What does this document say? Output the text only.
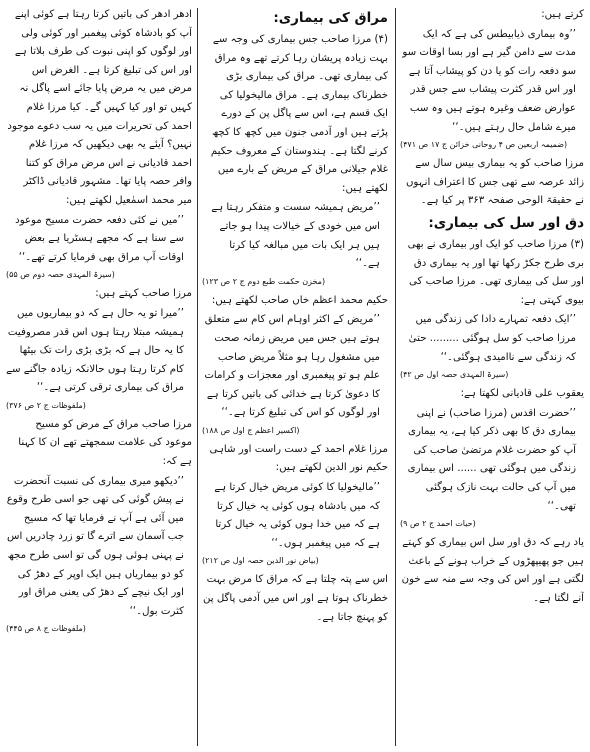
کرتے ہیں:
’’وہ بیماری ذیابیطس کی ہے کہ ایک مدت سے دامن گیر ہے اور بسا اوقات سو سو دفعہ رات کو یا دن کو پیشاب آتا ہے اور اس قدر کثرت پیشاب سے جس قدر عوارض ضعف وغیرہ ہوتے ہیں وہ سب میرے شامل حال رہتے ہیں۔‘‘
(ضمیمہ اربعین ص ۴ روحانی خزائن ج ۱۷ ص ۴۷۱)
مرزا صاحب کو یہ بیماری بیس سال سے زائد عرصہ سے تھی جس کا اعتراف انہوں نے حقیقۃ الوحی صفحہ ۳۶۳ پر کیا ہے۔
دق اور سل کی بیماری:
(۳) مرزا صاحب کو ایک اور بیماری نے بھی بری طرح جکڑ رکھا تھا اور یہ بیماری دق اور سل کی بیماری تھی۔ مرزا صاحب کی بیوی کہتی ہے:
’’ایک دفعہ تمہارے دادا کی زندگی میں مرزا صاحب کو سل ہوگئی ......... حتیٰ کہ زندگی سے ناامیدی ہوگئی۔‘‘
(سیرۃ المہدی حصہ اول ص ۴۲)
یعقوب علی قادیانی لکھتا ہے:
’’حضرت اقدس (مرزا صاحب) نے اپنی بیماری دق کا بھی ذکر کیا ہے، یہ بیماری آپ کو حضرت غلام مرتضیٰ صاحب کی زندگی میں ہوگئی تھی ...... اس بیماری میں آپ کی حالت بہت نازک ہوگئی تھی۔‘‘
(حیات احمد ج ۲ ص ۹)
یاد رہے کہ دق اور سل اس بیماری کو کہتے ہیں جو پھیپھڑوں کے خراب ہونے کے باعث لگتی ہے اور اس کی وجہ سے منہ سے خون آنے لگتا ہے۔
مراق کی بیماری:
(۴) مرزا صاحب جس بیماری کی وجہ سے بہت زیادہ پریشان رہا کرتے تھے وہ مراق کی بیماری تھی۔ مراق کی بیماری بڑی خطرناک بیماری ہے۔ مراق مالیخولیا کی ایک قسم ہے، اس سے پاگل پن کے دورے پڑتے ہیں اور آدمی جنون میں کچھ کا کچھ کرنے لگتا ہے۔ ہندوستان کے معروف حکیم غلام جیلانی مراق کے مریض کے بارے میں لکھتے ہیں:
’’مریض ہمیشہ سست و متفکر رہتا ہے اس میں خودی کے خیالات پیدا ہو جاتے ہیں ہر ایک بات میں مبالغہ کیا کرتا ہے۔‘‘
(مخزن حکمت طبع دوم ج ۲ ص ۱۲۳)
حکیم محمد اعظم خاں صاحب لکھتے ہیں:
’’مریض کے اکثر اوہام اس کام سے متعلق ہوتے ہیں جس میں مریض زمانہ صحت میں مشغول رہا ہو مثلاً مریض صاحب علم ہو تو پیغمبری اور معجزات و کرامات کا دعویٰ کرتا ہے خدائی کی باتیں کرتا ہے اور لوگوں کو اس کی تبلیغ کرتا ہے۔‘‘
(اکسیر اعظم ج اول ص ۱۸۸)
مرزا غلام احمد کے دست راست اور شاہی حکیم نور الدین لکھتے ہیں:
’’مالیخولیا کا کوئی مریض خیال کرتا ہے کہ میں بادشاہ ہوں کوئی یہ خیال کرتا ہے کہ میں خدا ہوں کوئی یہ خیال کرتا ہے کہ میں پیغمبر ہوں۔‘‘
(بیاض نور الدین حصہ اول ص ۲۱۲)
اس سے پتہ چلتا ہے کہ مراق کا مرض بہت خطرناک ہوتا ہے اور اس میں آدمی پاگل پن کو پہنچ جاتا ہے۔
ادھر ادھر کی باتیں کرتا رہتا ہے کوئی اپنے آپ کو بادشاہ کوئی پیغمبر اور کوئی ولی اور لوگوں کو اپنی نبوت کی طرف بلاتا ہے اور اس کی تبلیغ کرتا ہے۔ الغرض اس مرض میں یہ مرض پایا جائے اسے پاگل نہ کہیں تو اور کیا کہیں گے۔ کیا مرزا غلام احمد کی تحریرات میں یہ سب دعوے موجود نہیں؟ آیئے یہ بھی دیکھیں کہ مرزا غلام احمد قادیانی نے اس مرض مراق کو کتنا وافر حصہ پایا تھا۔ مشہور قادیانی ڈاکٹر میر محمد اسمٰعیل لکھتے ہیں:
’’میں نے کئی دفعہ حضرت مسیح موعود سے سنا ہے کہ مجھے ہسٹریا ہے بعض اوقات آپ مراق بھی فرمایا کرتے تھے۔‘‘
(سیرۃ المہدی حصہ دوم ص ۵۵)
مرزا صاحب کہتے ہیں:
’’میرا تو یہ حال ہے کہ دو بیماریوں میں ہمیشہ مبتلا رہتا ہوں اس قدر مصروفیت کا یہ حال ہے کہ بڑی بڑی رات تک بیٹھا کام کرتا رہتا ہوں حالانکہ زیادہ جاگنے سے مراق کی بیماری ترقی کرتی ہے۔‘‘
(ملفوظات ج ۲ ص ۳۷۶)
مرزا صاحب مراق کے مرض کو مسیح موعود کی علامت سمجھتے تھے ان کا کہنا ہے کہ:
’’دیکھو میری بیماری کی نسبت آنحضرت نے پیش گوئی کی تھی جو اسی طرح وقوع میں آئی ہے آپ نے فرمایا تھا کہ مسیح جب آسمان سے اترے گا تو زرد چادریں اس نے پہنی ہوئی ہوں گی تو اسی طرح مجھ کو دو بیماریاں ہیں ایک اوپر کے دھڑ کی اور ایک نیچے کے دھڑ کی یعنی مراق اور کثرت بول۔‘‘
(ملفوظات ج ۸ ص ۴۴۵)
